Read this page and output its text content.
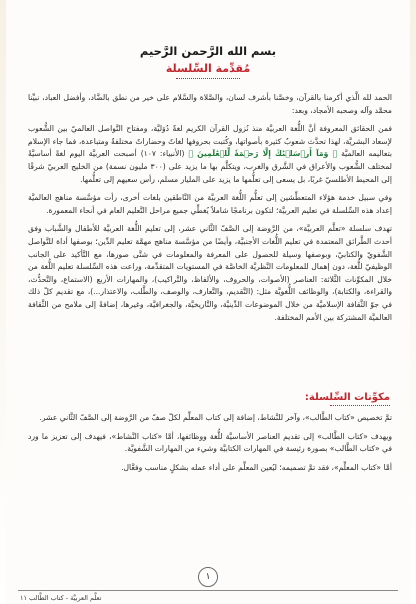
بسم الله الرَّحمن الرَّحيم
مُقدِّمة السِّلسلة

الحمد لله الَّذي أكرمنا بالقرآن، وخصَّنا بأشرف لسان، والصَّلاة والسَّلام على خير من نطق بالضَّاد، وأفضل العباد، نبيِّنا محمَّد وآله وصحبه الأمجاد، وبعد:

فمن الحقائق المعروفة أنَّ اللُّغة العربيَّة منذ نُزول القرآن الكريم لغةٌ دُوَليَّة، ومفتاح التَّواصل العالميّ بين الشُّعوب لإسعاد البشريَّة، لهذا تحدَّث شعوبٌ كثيرة بأصواتها، وكُتبت بحروفها لغاتٌ وحضاراتٌ مختلفةٌ ومتباعدة، فما جاء الإسلام بتعاليمه العالميَّة ﴿ وَمَآ أَرۡسَلۡنَٰكَ إِلَّا رَحۡمَةٗ لِّلۡعَٰلَمِينَ ﴾ (الأنبياء: ١٠٧) أصبحت العربيَّة اليوم لغةً أساسيَّةً لمختلف الشُّعوب والأعراق في الشَّرق والغرب، ويتكلَّم بها ما يزيد على (٣٠٠ مليون نسمة) من الخليج العربيّ شرقًا إلى المحيط الأطلسيّ غربًا، بل يسعى إلى تعلُّمها ما يزيد على المليار مسلم، رأس سعيهم إلى تعلُّمها.

وفي سبيل خدمة هؤلاء المتعطِّشين إلى تعلُّم اللُّغة العربيَّة من النَّاطقين بلغات أخرى، رأت مؤسَّسة مناهج العالميَّة إعداد هذه السِّلسلة في تعليم العربيَّة؛ لتكون برنامجًا شاملاً يُغطِّي جميع مراحل التَّعليم العام في أنحاء المعمورة.

تهدف سلسلة «تعلَّم العربيَّة»، من الرَّوضة إلى الصَّفّ الثَّاني عشر، إلى تعليم اللُّغة العربيَّة للأطفال والشَّباب وفق أحدث الطَّرائق المعتمدة في تعليم اللُّغات الأجنبيَّة، وأيضًا من مؤسَّسة مناهج مهمَّة تعليم الدِّين؛ بوصفها أداة للتَّواصل الشَّفويّ والكتابيّ، وبوصفها وسيلة للحصول على المعرفة والمعلومات في شتَّى صورها، مع التَّأكيد على الجانب الوظيفيّ للُّغة، دون إهمال للمعلومات النَّظريَّة الخاصَّة في المستويات المتقدِّمة، وراعت هذه السِّلسلة تعليم اللُّغة من خلال المكوِّنات الثَّلاثة: العناصر (الأصوات، والحروف، والألفاظ، والتَّراكيب)، والمهارات الأربع (الاستماع، والتَّحدُّث، والقراءة، والكتابة)، والوظائف اللُّغويَّة مثل: (التَّقديم، والتَّعارف، والوصف، والطَّلب، والاعتذار...)، مع تقديم كلّ ذلك في جوّ الثَّقافة الإسلاميَّة من خلال الموضوعات الدِّينيَّة، والتَّاريخيَّة، والجغرافيَّة، وغيرها، إضافةً إلى ملامح من الثَّقافة العالميَّة المشتركة بين الأمم المختلفة.

مكوِّنات السِّلسلة:

تمَّ تخصيص «كتاب الطَّالب»، وآخر للنَّشاط، إضافة إلى كتاب المعلِّم لكلّ صفّ من الرَّوضة إلى الصَّفّ الثَّاني عشر.

ويهدف «كتاب الطَّالب» إلى تقديم العناصر الأساسيَّة للُّغة ووظائفها، أمَّا «كتاب النَّشاط»، فيهدف إلى تعزيز ما ورد في «كتاب الطَّالب» بصورة رئيسة في المهارات الكتابيَّة وشيء من المهارات الشَّفويَّة.

أمَّا «كتاب المعلِّم»، فقد تمَّ تصميمه؛ ليُعين المعلِّم على أداء عمله بشكلٍ مناسب وفعَّال.

١
تعلَّم العربيَّة - كتاب الطَّالب ١١
